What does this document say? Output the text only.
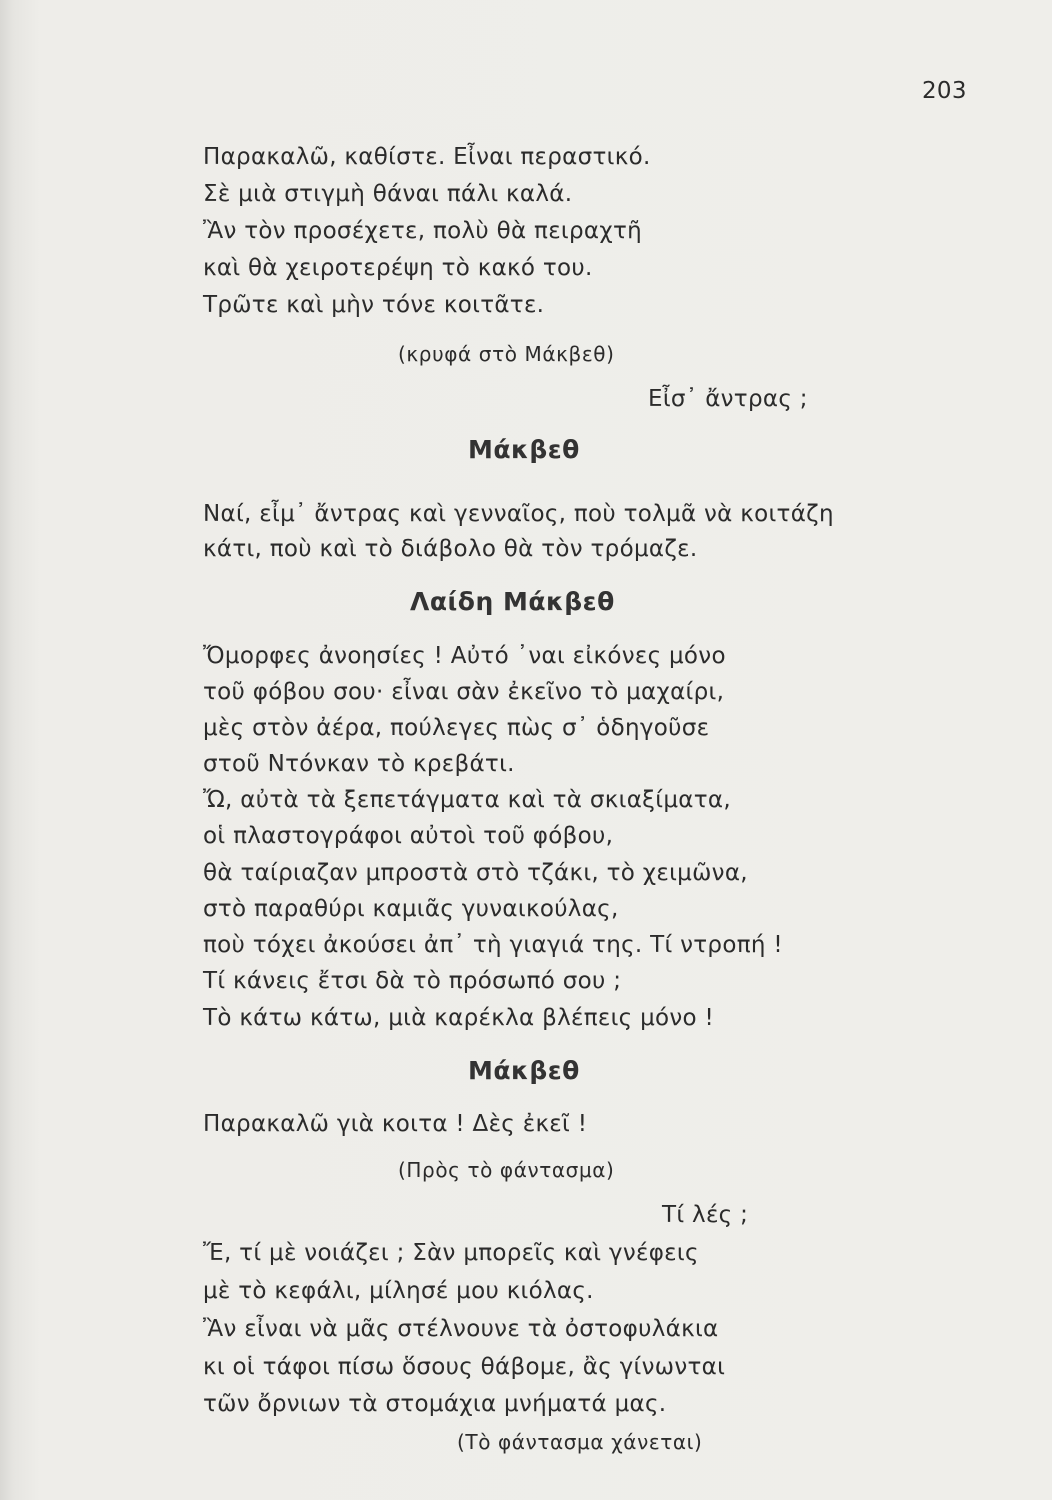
203
Παρακαλῶ, καθίστε. Εἶναι περαστικό.
Σὲ μιὰ στιγμὴ θάναι πάλι καλά.
Ἂν τὸν προσέχετε, πολὺ θὰ πειραχτῆ
καὶ θὰ χειροτερέψη τὸ κακό του.
Τρῶτε καὶ μὴν τόνε κοιτᾶτε.
(κρυφά στὸ Μάκβεθ)
Εἶσ᾽ ἄντρας ;
Μάκβεθ
Ναί, εἶμ᾽ ἄντρας καὶ γενναῖος, ποὺ τολμᾶ νὰ κοιτάζη
κάτι, ποὺ καὶ τὸ διάβολο θὰ τὸν τρόμαζε.
Λαίδη Μάκβεθ
Ὄμορφες ἀνοησίες ! Αὐτό ᾽ναι εἰκόνες μόνο
τοῦ φόβου σου· εἶναι σὰν ἐκεῖνο τὸ μαχαίρι,
μὲς στὸν ἀέρα, πούλεγες πὼς σ᾽ ὁδηγοῦσε
στοῦ Ντόνκαν τὸ κρεβάτι.
Ὤ, αὐτὰ τὰ ξεπετάγματα καὶ τὰ σκιαξίματα,
οἱ πλαστογράφοι αὐτοὶ τοῦ φόβου,
θὰ ταίριαζαν μπροστὰ στὸ τζάκι, τὸ χειμῶνα,
στὸ παραθύρι καμιᾶς γυναικούλας,
ποὺ τόχει ἀκούσει ἀπ᾽ τὴ γιαγιά της. Τί ντροπή !
Τί κάνεις ἔτσι δὰ τὸ πρόσωπό σου ;
Τὸ κάτω κάτω, μιὰ καρέκλα βλέπεις μόνο !
Μάκβεθ
Παρακαλῶ γιὰ κοιτα ! Δὲς ἐκεῖ !
(Πρὸς τὸ φάντασμα)
Τί λές ;
Ἔ, τί μὲ νοιάζει ; Σὰν μπορεῖς καὶ γνέφεις
μὲ τὸ κεφάλι, μίλησέ μου κιόλας.
Ἂν εἶναι νὰ μᾶς στέλνουνε τὰ ὀστοφυλάκια
κι οἱ τάφοι πίσω ὅσους θάβομε, ἂς γίνωνται
τῶν ὄρνιων τὰ στομάχια μνήματά μας.
(Τὸ φάντασμα χάνεται)
